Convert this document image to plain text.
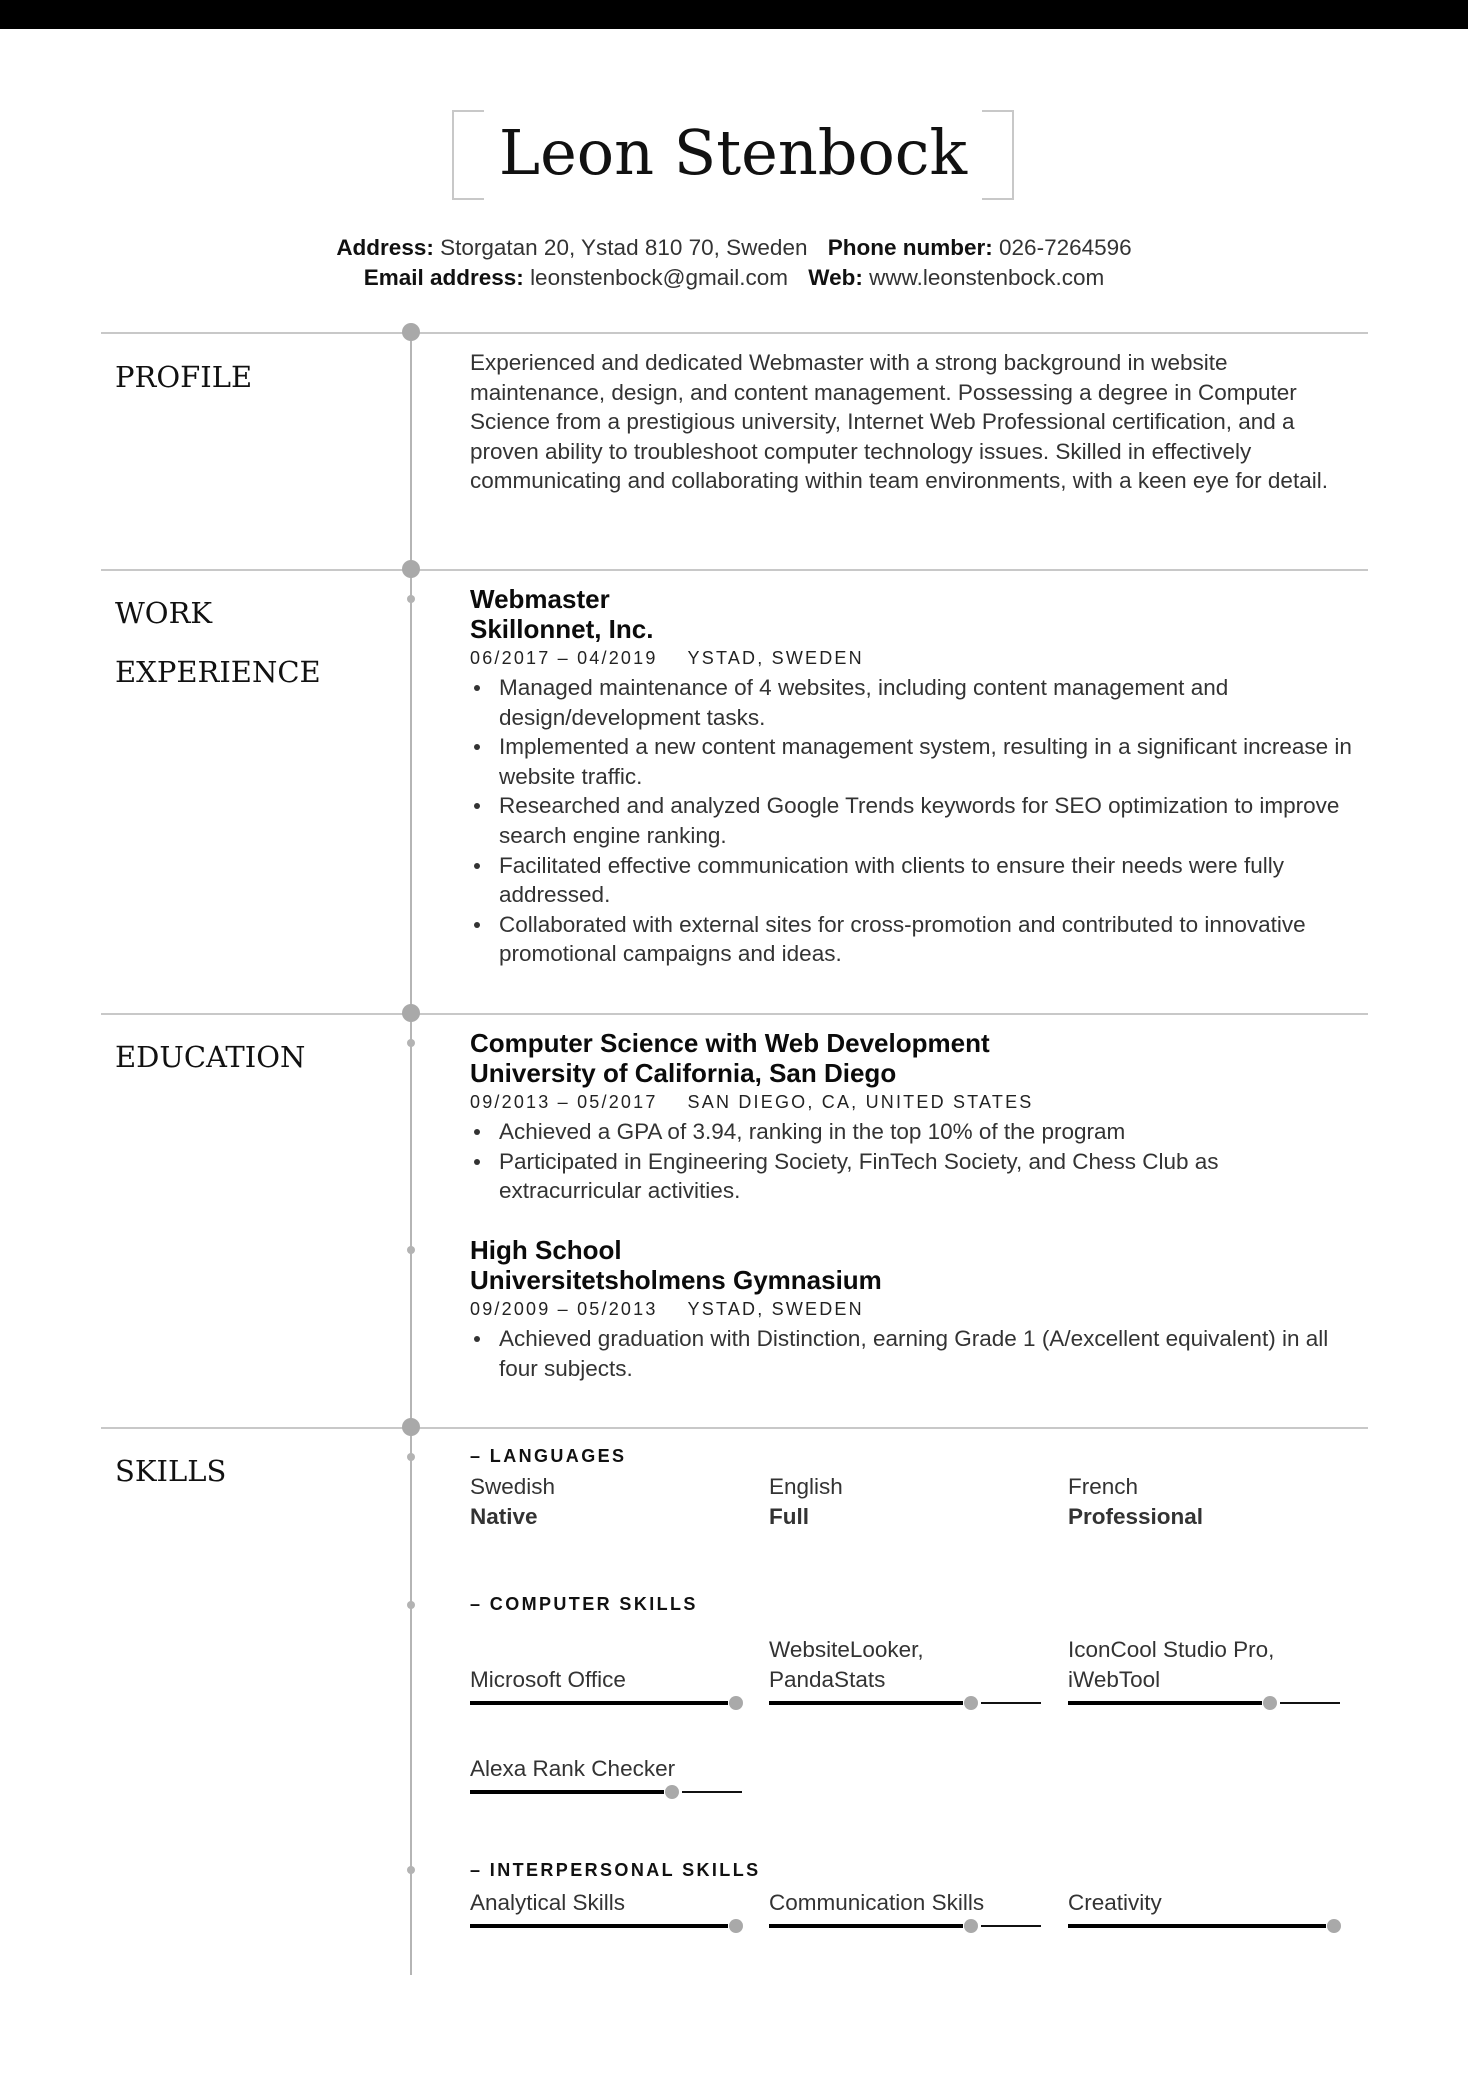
Leon Stenbock
Address: Storgatan 20, Ystad 810 70, Sweden Phone number: 026-7264596
Email address: leonstenbock@gmail.com Web: www.leonstenbock.com
PROFILE	Experienced and dedicated Webmaster with a strong background in website maintenance, design, and content management. Possessing a degree in Computer Science from a prestigious university, Internet Web Professional certification, and a proven ability to troubleshoot computer technology issues. Skilled in effectively communicating and collaborating within team environments, with a keen eye for detail.
WORK
EXPERIENCE
Webmaster
Skillonnet, Inc.
06/2017 – 04/2019 YSTAD, SWEDEN
Managed maintenance of 4 websites, including content management and design/development tasks.
Implemented a new content management system, resulting in a significant increase in website traffic.
Researched and analyzed Google Trends keywords for SEO optimization to improve search engine ranking.
Facilitated effective communication with clients to ensure their needs were fully addressed.
Collaborated with external sites for cross-promotion and contributed to innovative promotional campaigns and ideas.
EDUCATION	Computer Science with Web Development
University of California, San Diego
09/2013 – 05/2017 SAN DIEGO, CA, UNITED STATES
Achieved a GPA of 3.94, ranking in the top 10% of the program
Participated in Engineering Society, FinTech Society, and Chess Club as extracurricular activities.
High School
Universitetsholmens Gymnasium
09/2009 – 05/2013 YSTAD, SWEDEN
Achieved graduation with Distinction, earning Grade 1 (A/excellent equivalent) in all four subjects.
SKILLS	– LANGUAGES
Swedish
Native
English
Full
French
Professional
– COMPUTER SKILLS
Microsoft Office
WebsiteLooker, PandaStats
IconCool Studio Pro, iWebTool
Alexa Rank Checker
– INTERPERSONAL SKILLS
Analytical Skills	Communication Skills	Creativity
